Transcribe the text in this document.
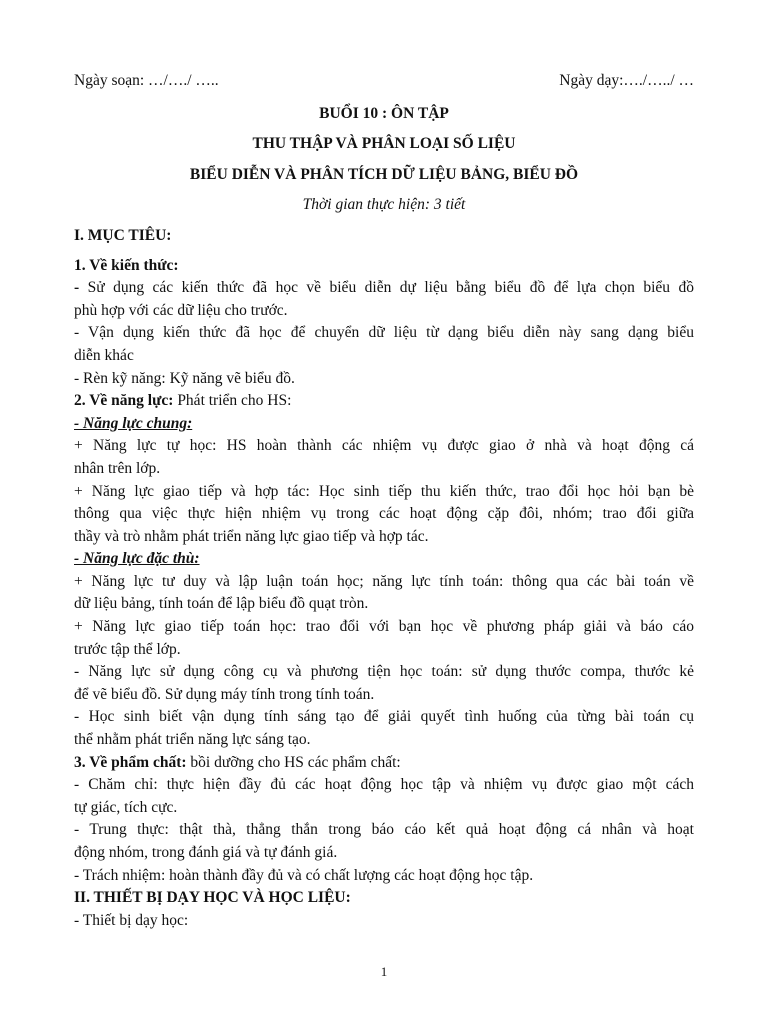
Ngày soạn: …/…./ …..	Ngày dạy:…./…../ …
BUỔI 10 : ÔN TẬP
THU THẬP VÀ PHÂN LOẠI SỐ LIỆU
BIỂU DIỄN VÀ PHÂN TÍCH DỮ LIỆU BẢNG, BIỂU ĐỒ
Thời gian thực hiện: 3 tiết
I. MỤC TIÊU:
1. Về kiến thức:
- Sử dụng các kiến thức đã học về biểu diễn dự liệu bằng biểu đồ để lựa chọn biểu đồ
phù hợp với các dữ liệu cho trước.
- Vận dụng kiến thức đã học để chuyển dữ liệu từ dạng biểu diễn này sang dạng biểu
diễn khác
- Rèn kỹ năng: Kỹ năng vẽ biểu đồ.
2. Về năng lực: Phát triển cho HS:
- Năng lực chung:
+ Năng lực tự học: HS hoàn thành các nhiệm vụ được giao ở nhà và hoạt động cá
nhân trên lớp.
+ Năng lực giao tiếp và hợp tác: Học sinh tiếp thu kiến thức, trao đổi học hỏi bạn bè
thông qua việc thực hiện nhiệm vụ trong các hoạt động cặp đôi, nhóm; trao đổi giữa
thầy và trò nhằm phát triển năng lực giao tiếp và hợp tác.
- Năng lực đặc thù:
+ Năng lực tư duy và lập luận toán học; năng lực tính toán: thông qua các bài toán về
dữ liệu bảng, tính toán để lập biểu đồ quạt tròn.
+ Năng lực giao tiếp toán học: trao đổi với bạn học về phương pháp giải và báo cáo
trước tập thể lớp.
- Năng lực sử dụng công cụ và phương tiện học toán: sử dụng thước compa, thước kẻ
để vẽ biểu đồ. Sử dụng máy tính trong tính toán.
- Học sinh biết vận dụng tính sáng tạo để giải quyết tình huống của từng bài toán cụ
thể nhằm phát triển năng lực sáng tạo.
3. Về phẩm chất: bồi dưỡng cho HS các phẩm chất:
- Chăm chỉ: thực hiện đầy đủ các hoạt động học tập và nhiệm vụ được giao một cách
tự giác, tích cực.
- Trung thực: thật thà, thẳng thắn trong báo cáo kết quả hoạt động cá nhân và hoạt
động nhóm, trong đánh giá và tự đánh giá.
- Trách nhiệm: hoàn thành đầy đủ và có chất lượng các hoạt động học tập.
II. THIẾT BỊ DẠY HỌC VÀ HỌC LIỆU:
- Thiết bị dạy học:
1
